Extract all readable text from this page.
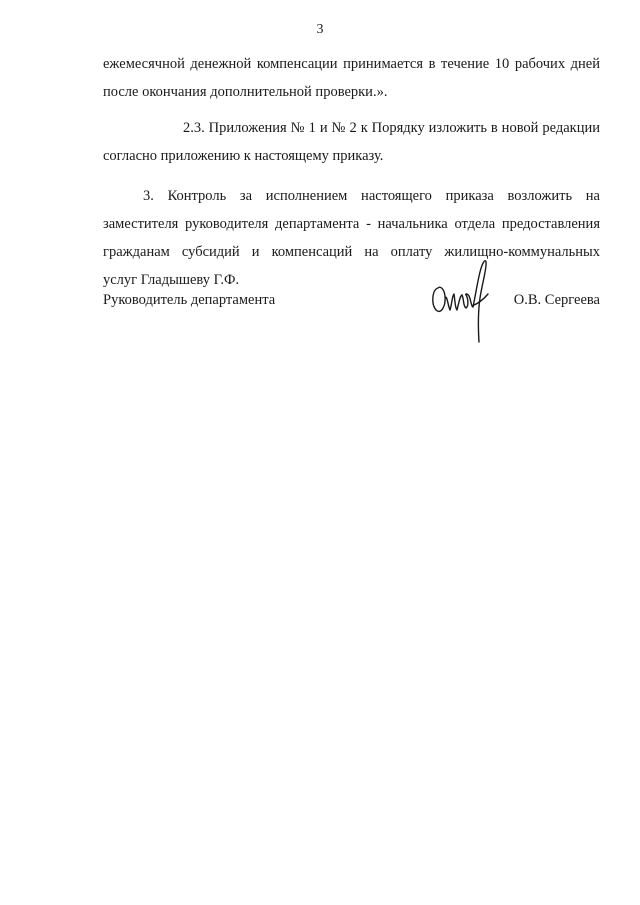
3

ежемесячной денежной компенсации принимается в течение 10 рабочих дней
после окончания дополнительной проверки.».

2.3. Приложения № 1 и № 2 к Порядку изложить в новой редакции
согласно приложению к настоящему приказу.

3. Контроль за исполнением настоящего приказа возложить на
заместителя руководителя департамента - начальника отдела предоставления
гражданам субсидий и компенсаций на оплату жилищно-коммунальных
услуг Гладышеву Г.Ф.

Руководитель департамента	О.В. Сергеева
